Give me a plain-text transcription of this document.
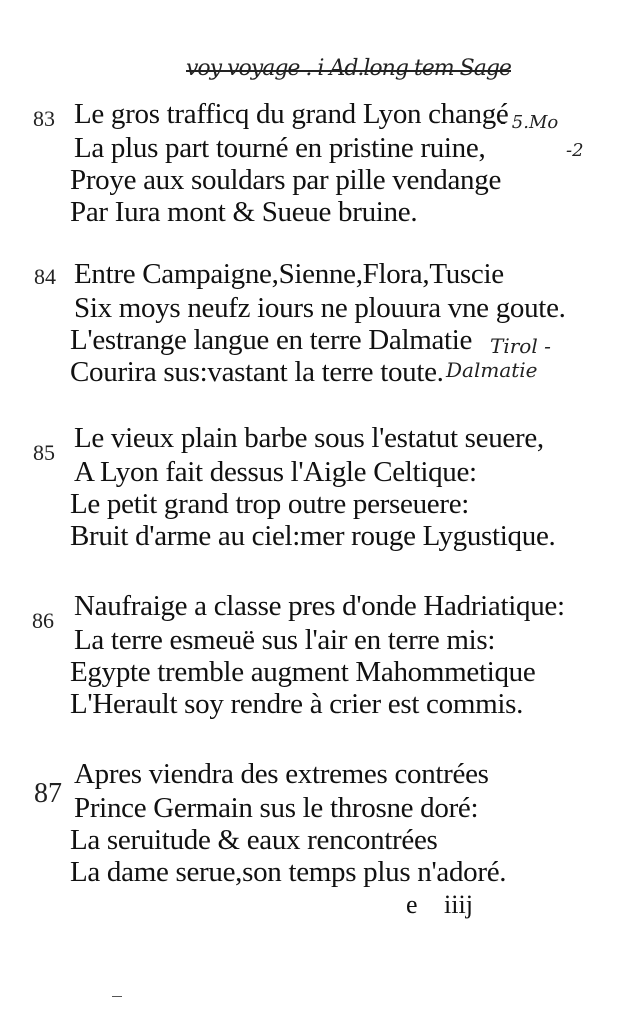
voy voyage . i Ad.long tem Sage
- 5.Mo
-2
Tirol -
Dalmatie
83 Le gros trafficq du grand Lyon changé
La plus part tourné en pristine ruine,
Proye aux souldars par pille vendange
Par Iura mont & Sueue bruine.
84 Entre Campaigne,Sienne,Flora,Tuscie
Six moys neufz iours ne plouura vne goute.
L'estrange langue en terre Dalmatie
Courira sus:vastant la terre toute.
85 Le vieux plain barbe sous l'estatut seuere,
A Lyon fait dessus l'Aigle Celtique:
Le petit grand trop outre perseuere:
Bruit d'arme au ciel:mer rouge Lygustique.
86 Naufraige a classe pres d'onde Hadriatique:
La terre esmeuë sus l'air en terre mis:
Egypte tremble augment Mahommetique
L'Herault soy rendre à crier est commis.
87
Apres viendra des extremes contrées
Prince Germain sus le throsne doré:
La seruitude & eaux rencontrées
La dame serue,son temps plus n'adoré.
e iiij
